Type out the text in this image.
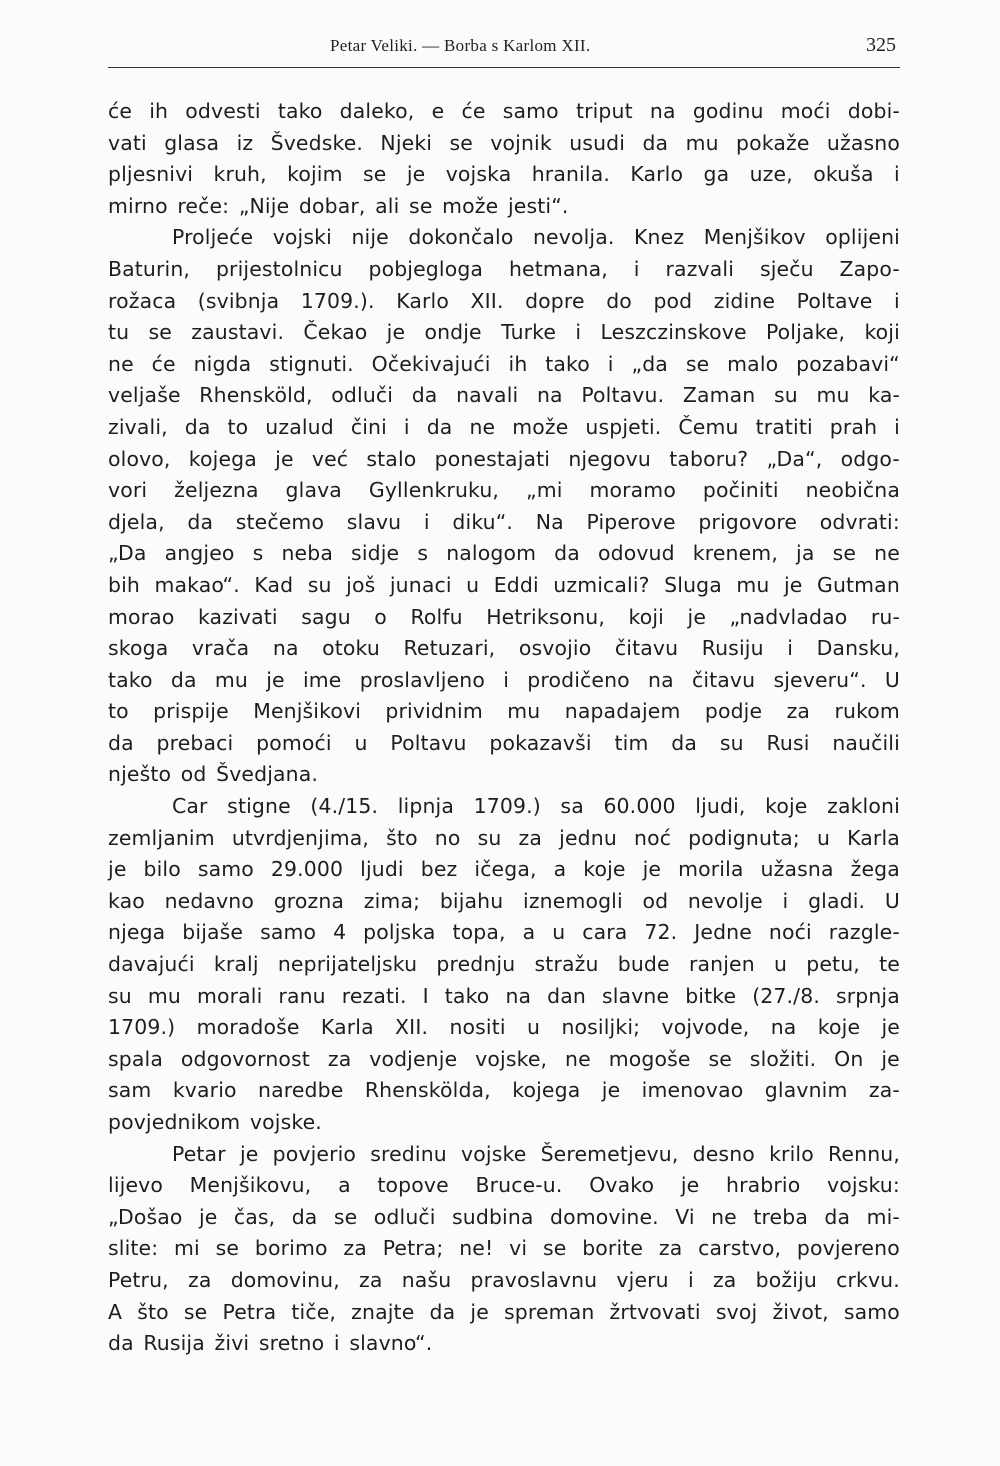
Petar Veliki. — Borba s Karlom XII.	325
će ih odvesti tako daleko, e će samo triput na godinu moći dobi-
vati glasa iz Švedske. Njeki se vojnik usudi da mu pokaže užasno
pljesnivi kruh, kojim se je vojska hranila. Karlo ga uze, okuša i
mirno reče: „Nije dobar, ali se može jesti“.
Proljeće vojski nije dokončalo nevolja. Knez Menjšikov oplijeni
Baturin, prijestolnicu pobjegloga hetmana, i razvali sječu Zapo-
rožaca (svibnja 1709.). Karlo XII. dopre do pod zidine Poltave i
tu se zaustavi. Čekao je ondje Turke i Leszczinskove Poljake, koji
ne će nigda stignuti. Očekivajući ih tako i „da se malo pozabavi“
veljaše Rhensköld, odluči da navali na Poltavu. Zaman su mu ka-
zivali, da to uzalud čini i da ne može uspjeti. Čemu tratiti prah i
olovo, kojega je već stalo ponestajati njegovu taboru? „Da“, odgo-
vori željezna glava Gyllenkruku, „mi moramo počiniti neobična
djela, da stečemo slavu i diku“. Na Piperove prigovore odvrati:
„Da angjeo s neba sidje s nalogom da odovud krenem, ja se ne
bih makao“. Kad su još junaci u Eddi uzmicali? Sluga mu je Gutman
morao kazivati sagu o Rolfu Hetriksonu, koji je „nadvladao ru-
skoga vrača na otoku Retuzari, osvojio čitavu Rusiju i Dansku,
tako da mu je ime proslavljeno i prodičeno na čitavu sjeveru“. U
to prispije Menjšikovi prividnim mu napadajem podje za rukom
da prebaci pomoći u Poltavu pokazavši tim da su Rusi naučili
nješto od Švedjana.
Car stigne (4./15. lipnja 1709.) sa 60.000 ljudi, koje zakloni
zemljanim utvrdjenjima, što no su za jednu noć podignuta; u Karla
je bilo samo 29.000 ljudi bez ičega, a koje je morila užasna žega
kao nedavno grozna zima; bijahu iznemogli od nevolje i gladi. U
njega bijaše samo 4 poljska topa, a u cara 72. Jedne noći razgle-
davajući kralj neprijateljsku prednju stražu bude ranjen u petu, te
su mu morali ranu rezati. I tako na dan slavne bitke (27./8. srpnja
1709.) moradoše Karla XII. nositi u nosiljki; vojvode, na koje je
spala odgovornost za vodjenje vojske, ne mogoše se složiti. On je
sam kvario naredbe Rhenskölda, kojega je imenovao glavnim za-
povjednikom vojske.
Petar je povjerio sredinu vojske Šeremetjevu, desno krilo Rennu,
lijevo Menjšikovu, a topove Bruce-u. Ovako je hrabrio vojsku:
„Došao je čas, da se odluči sudbina domovine. Vi ne treba da mi-
slite: mi se borimo za Petra; ne! vi se borite za carstvo, povjereno
Petru, za domovinu, za našu pravoslavnu vjeru i za božiju crkvu.
A što se Petra tiče, znajte da je spreman žrtvovati svoj život, samo
da Rusija živi sretno i slavno“.
